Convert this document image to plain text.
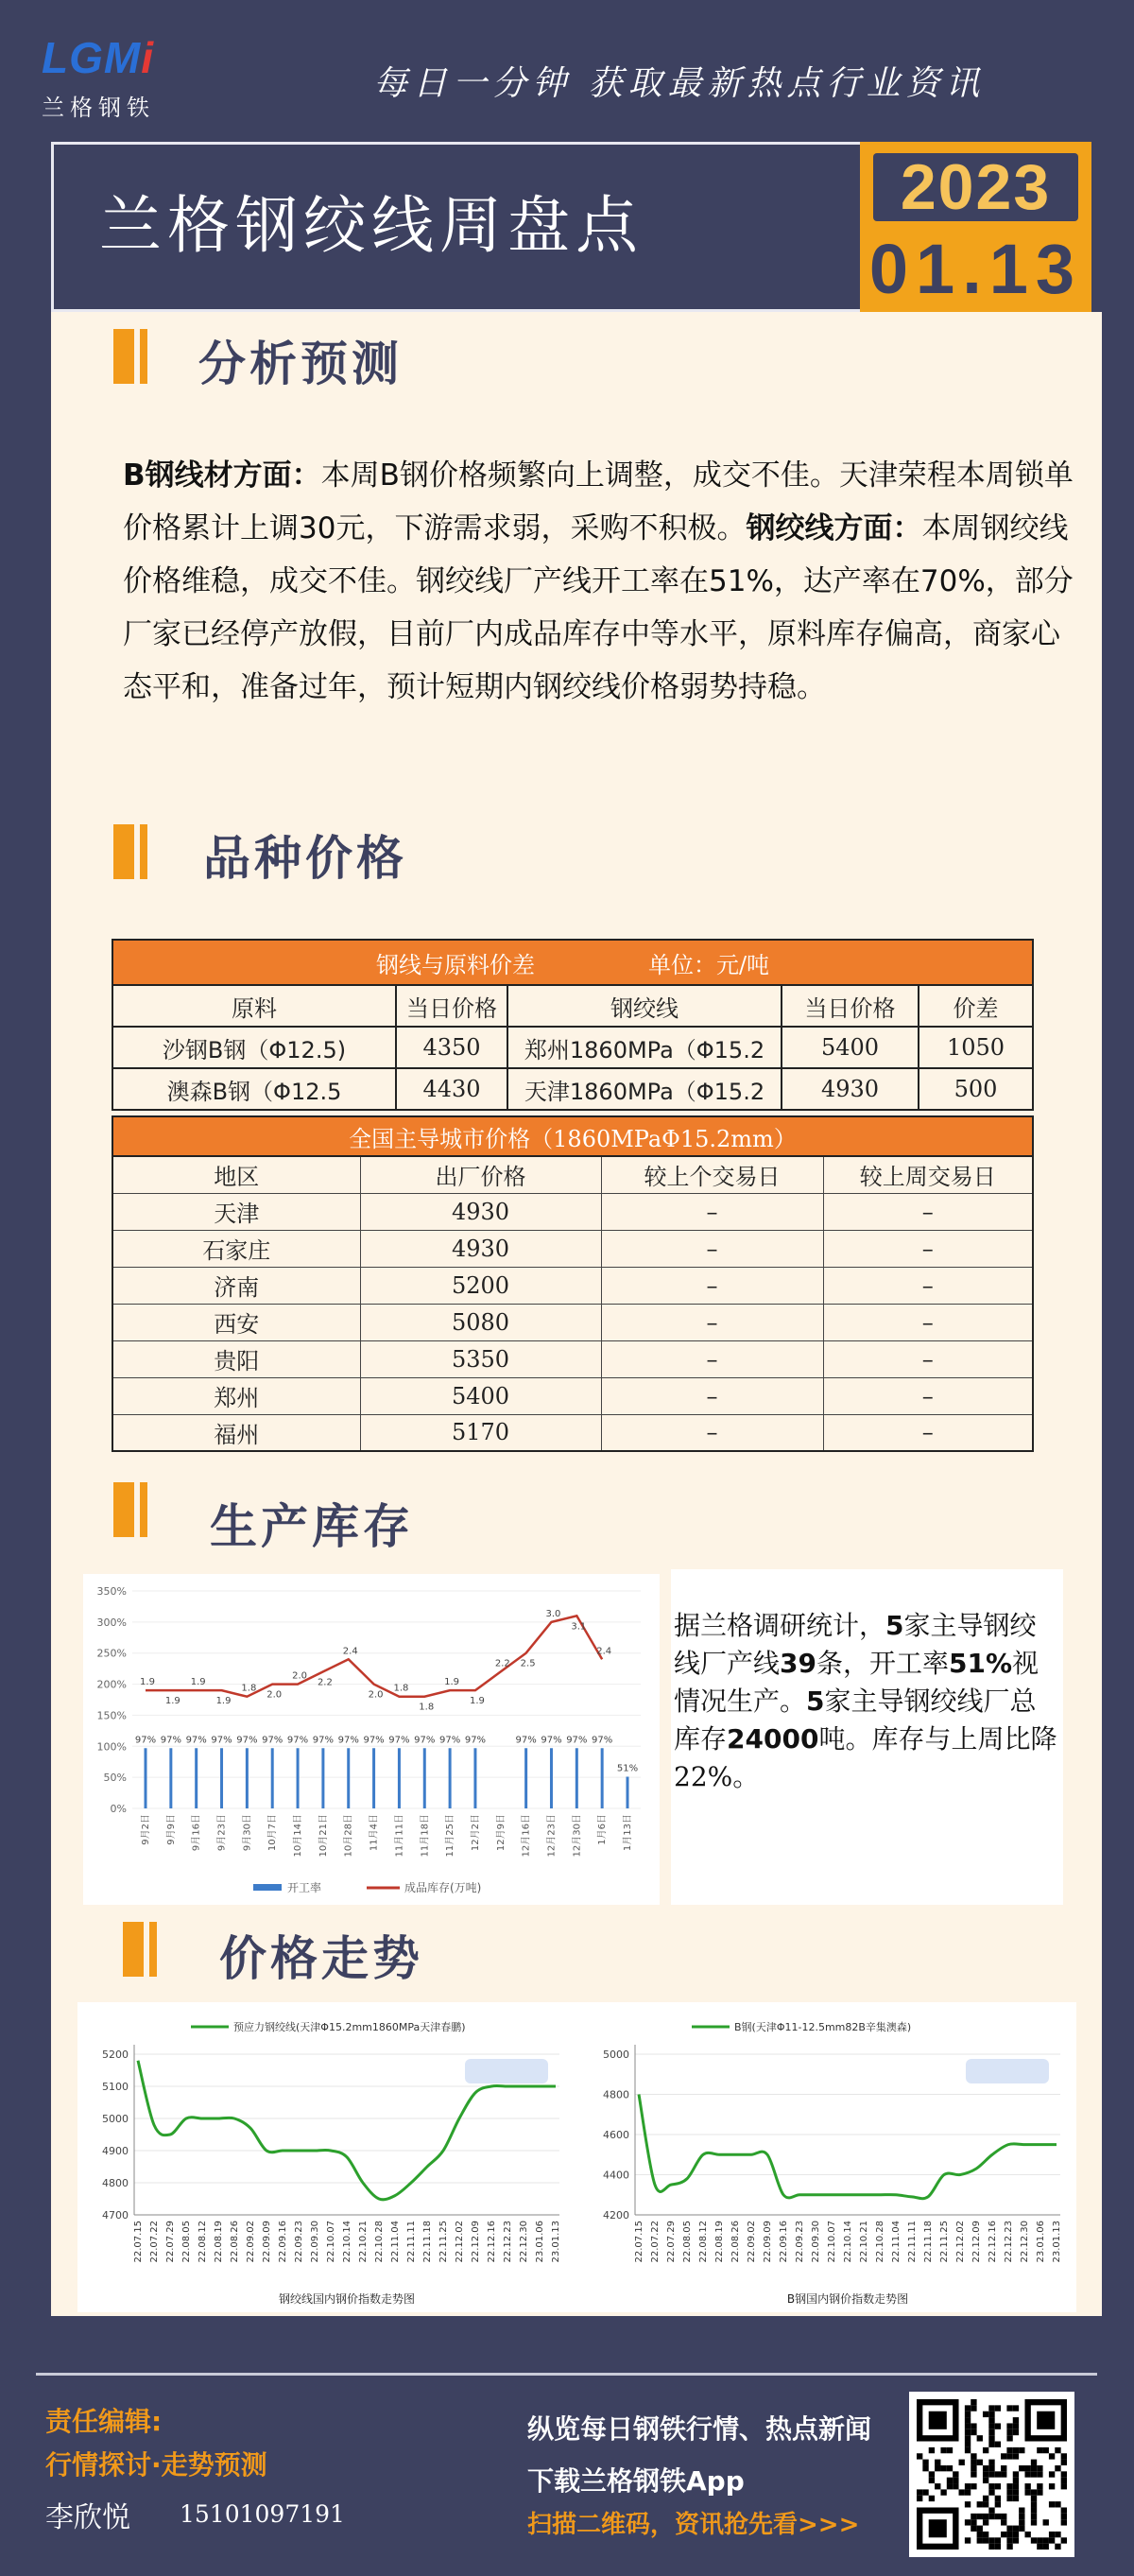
LGMi
兰格钢铁
每日一分钟 获取最新热点行业资讯
兰格钢绞线周盘点
2023
01.13
分析预测
B钢线材方面：本周B钢价格频繁向上调整，成交不佳。天津荣程本周锁单价格累计上调30元，下游需求弱，采购不积极。钢绞线方面：本周钢绞线价格维稳，成交不佳。钢绞线厂产线开工率在51%，达产率在70%，部分厂家已经停产放假，目前厂内成品库存中等水平，原料库存偏高，商家心态平和，准备过年，预计短期内钢绞线价格弱势持稳。
品种价格
钢线与原料价差 单位：元/吨				
原料	当日价格	钢绞线	当日价格	价差
沙钢B钢（Φ12.5)	4350	郑州1860MPa（Φ15.2	5400	1050
澳森B钢（Φ12.5	4430	天津1860MPa（Φ15.2	4930	500
全国主导城市价格（1860MPaΦ15.2mm）			
地区	出厂价格	较上个交易日	较上周交易日
天津	4930	–	–
石家庄	4930	–	–
济南	5200	–	–
西安	5080	–	–
贵阳	5350	–	–
郑州	5400	–	–
福州	5170	–	–
生产库存
350%
300%
250%
200%
150%
100%
50%
0%
97% 97% 97% 97% 97% 97% 97% 97% 97% 97% 97% 97% 97% 97%	97% 97% 97% 97%
51%
1.9
1.9
1.9
1.9
1.8
2.0
2.0
2.2
2.4
2.0
1.8
1.8
1.9
1.9
2.2 2.5
3.0
3.1
2.4
9月2日 9月9日 9月16日 9月23日 9月30日 10月7日 10月14日 10月21日 10月28日 11月4日 11月11日 11月18日 11月25日 12月2日 12月9日 12月16日 12月23日 12月30日 1月6日 1月13日
开工率	成品库存(万吨)
据兰格调研统计，5家主导钢绞线厂产线39条，开工率51%视情况生产。5家主导钢绞线厂总库存24000吨。库存与上周比降22%。
价格走势
预应力钢绞线(天津Φ15.2mm1860MPa天津春鹏)
4700
4800
4900
5000
5100
5200
22.07.15 22.07.22 22.07.29 22.08.05 22.08.12 22.08.19 22.08.26 22.09.02 22.09.09 22.09.16 22.09.23 22.09.30 22.10.07 22.10.14 22.10.21 22.10.28 22.11.04 22.11.11 22.11.18 22.11.25 22.12.02 22.12.09 22.12.16 22.12.23 22.12.30 23.01.06 23.01.13
钢绞线国内钢价指数走势图
B钢(天津Φ11-12.5mm82B辛集澳森)
4200
4400
4600
4800
5000
22.07.15 22.07.22 22.07.29 22.08.05 22.08.12 22.08.19 22.08.26 22.09.02 22.09.09 22.09.16 22.09.23 22.09.30 22.10.07 22.10.14 22.10.21 22.10.28 22.11.04 22.11.11 22.11.18 22.11.25 22.12.02 22.12.09 22.12.16 22.12.23 22.12.30 23.01.06 23.01.13
B钢国内钢价指数走势图
责任编辑:
行情探讨·走势预测
李欣悦 15101097191
纵览每日钢铁行情、热点新闻
下载兰格钢铁App
扫描二维码，资讯抢先看>>>
